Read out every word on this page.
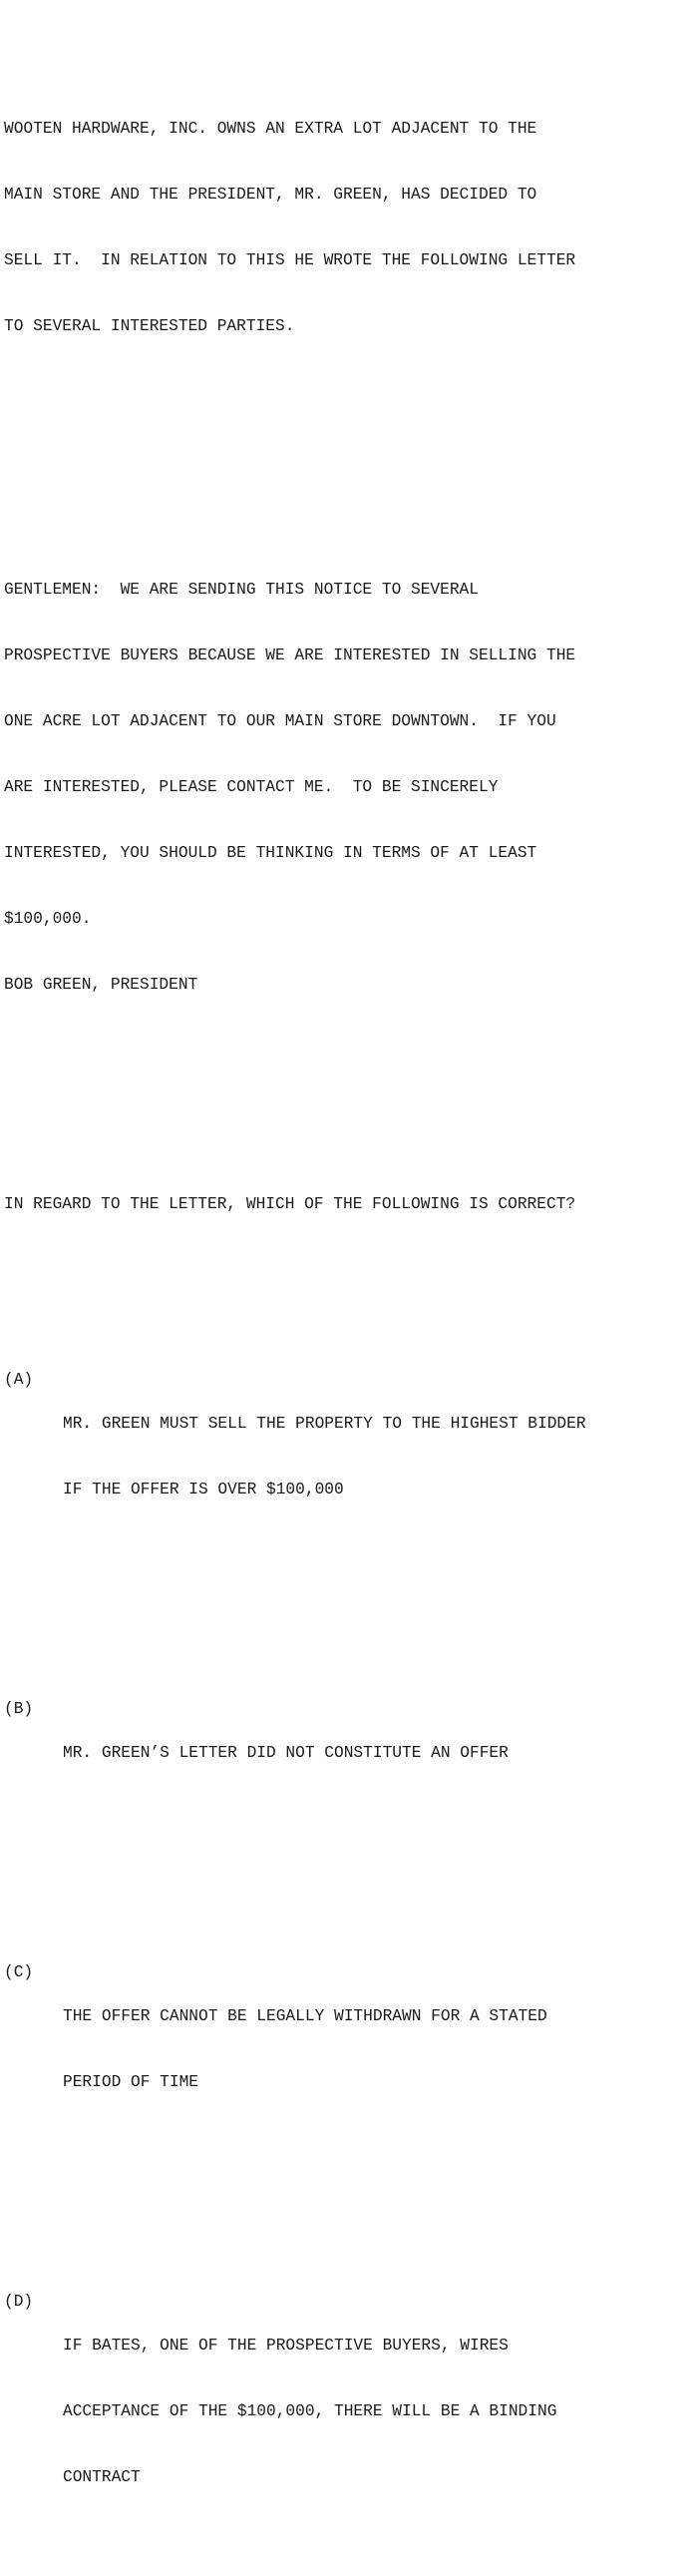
WOOTEN HARDWARE, INC. OWNS AN EXTRA LOT ADJACENT TO THE

MAIN STORE AND THE PRESIDENT, MR. GREEN, HAS DECIDED TO

SELL IT.  IN RELATION TO THIS HE WROTE THE FOLLOWING LETTER

TO SEVERAL INTERESTED PARTIES.

GENTLEMEN:  WE ARE SENDING THIS NOTICE TO SEVERAL

PROSPECTIVE BUYERS BECAUSE WE ARE INTERESTED IN SELLING THE

ONE ACRE LOT ADJACENT TO OUR MAIN STORE DOWNTOWN.  IF YOU

ARE INTERESTED, PLEASE CONTACT ME.  TO BE SINCERELY

INTERESTED, YOU SHOULD BE THINKING IN TERMS OF AT LEAST

$100,000.

BOB GREEN, PRESIDENT

IN REGARD TO THE LETTER, WHICH OF THE FOLLOWING IS CORRECT?

(A)

MR. GREEN MUST SELL THE PROPERTY TO THE HIGHEST BIDDER

IF THE OFFER IS OVER $100,000

(B)

MR. GREEN’S LETTER DID NOT CONSTITUTE AN OFFER

(C)

THE OFFER CANNOT BE LEGALLY WITHDRAWN FOR A STATED

PERIOD OF TIME

(D)

IF BATES, ONE OF THE PROSPECTIVE BUYERS, WIRES

ACCEPTANCE OF THE $100,000, THERE WILL BE A BINDING

CONTRACT
